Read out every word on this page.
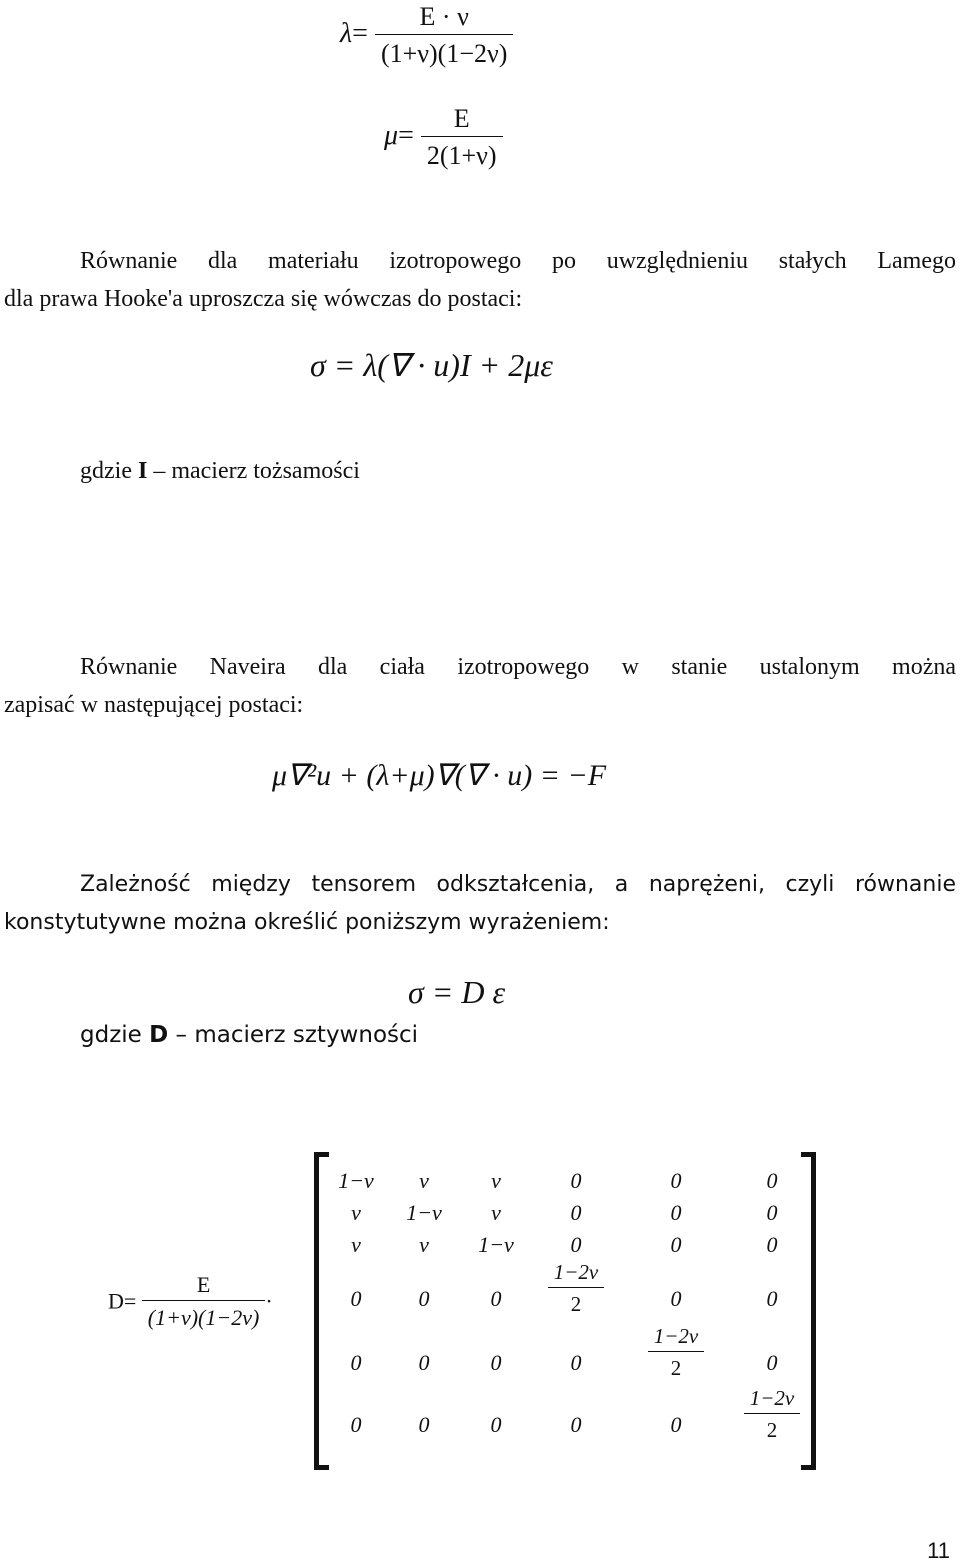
$\lambda= \frac{E \cdot \nu}{(1+\nu)(1-2\nu)}$
$\mu= \frac{E}{2(1+\nu)}$
Równanie dla materiału izotropowego po uwzględnieniu stałych Lamego
dla prawa Hooke'a uproszcza się wówczas do postaci:
σ = λ(∇ · u)I + 2με
gdzie I – macierz tożsamości
Równanie Naveira dla ciała izotropowego w stanie ustalonym można
zapisać w następującej postaci:
μ∇²u + (λ+μ)∇(∇ · u) = −F
Zależność między tensorem odkształcenia, a naprężeni, czyli równanie
konstytutywne można określić poniższym wyrażeniem:
σ = D ε
gdzie D – macierz sztywności
$D= \frac{E}{(1+\nu)(1-2\nu)}$ ·
1−ν	ν	ν	0	0	0
ν	1−ν	ν	0	0	0
ν	ν	1−ν	0	0	0
0	0	0	$\frac{1-2\nu}{2}$	0	0
0	0	0	0	$\frac{1-2\nu}{2}$	0
0	0	0	0	0	$\frac{1-2\nu}{2}$
11
